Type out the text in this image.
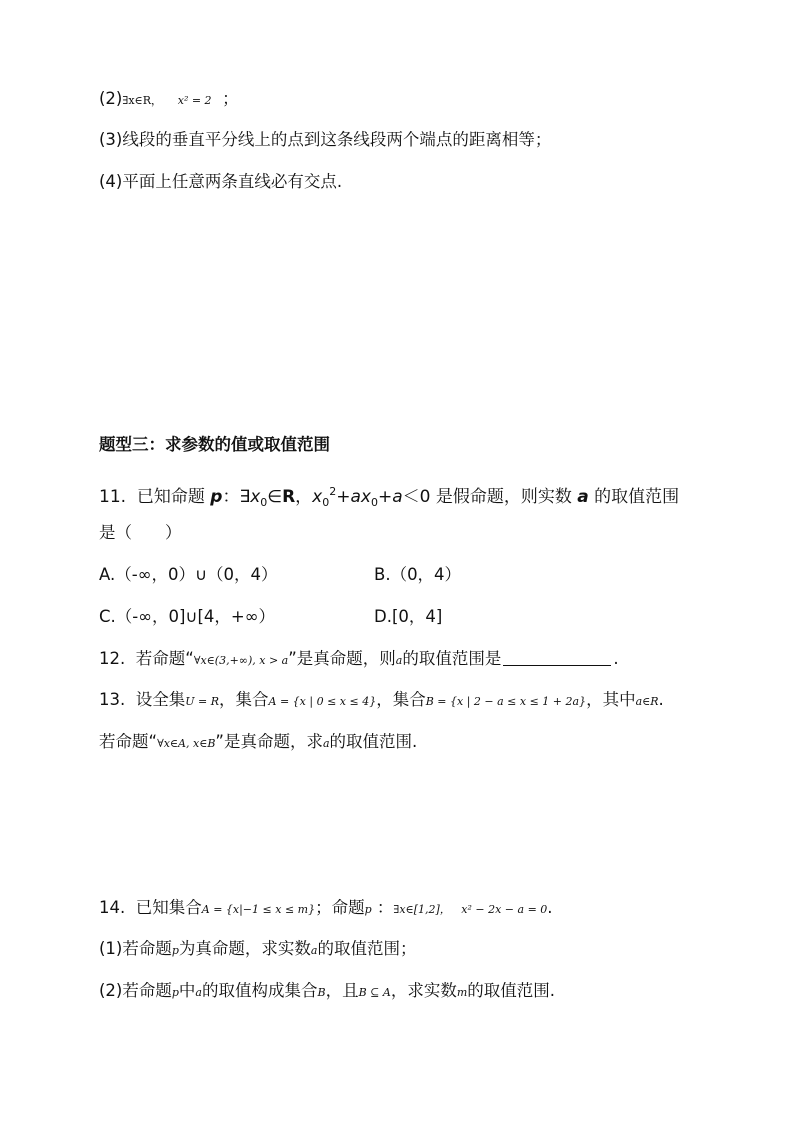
(2)∃x∈R， x² = 2 ；
(3)线段的垂直平分线上的点到这条线段两个端点的距离相等；
(4)平面上任意两条直线必有交点.
题型三：求参数的值或取值范围
11. 已知命题 p：$\exists x_0\in R$，$x_0^2+ax_0+a<0$ 是假命题，则实数 a 的取值范围
是（　　）
A.（-∞，0）∪（0，4）	B.（0，4）
C.（-∞，0]∪[4，+∞）	D.[0，4]
12. 若命题“∀x∈(3,+∞), x > a”是真命题，则a的取值范围是	.
13. 设全集U = R，集合A = {x | 0 ≤ x ≤ 4}，集合B = {x | 2 − a ≤ x ≤ 1 + 2a}，其中a∈R.
若命题“∀x∈A, x∈B”是真命题，求a的取值范围.
14. 已知集合A = {x|−1 ≤ x ≤ m}；命题p ：∃x∈[1,2]， x² − 2x − a = 0.
(1)若命题p为真命题，求实数a的取值范围；
(2)若命题p中a的取值构成集合B，且B ⊆ A，求实数m的取值范围.
